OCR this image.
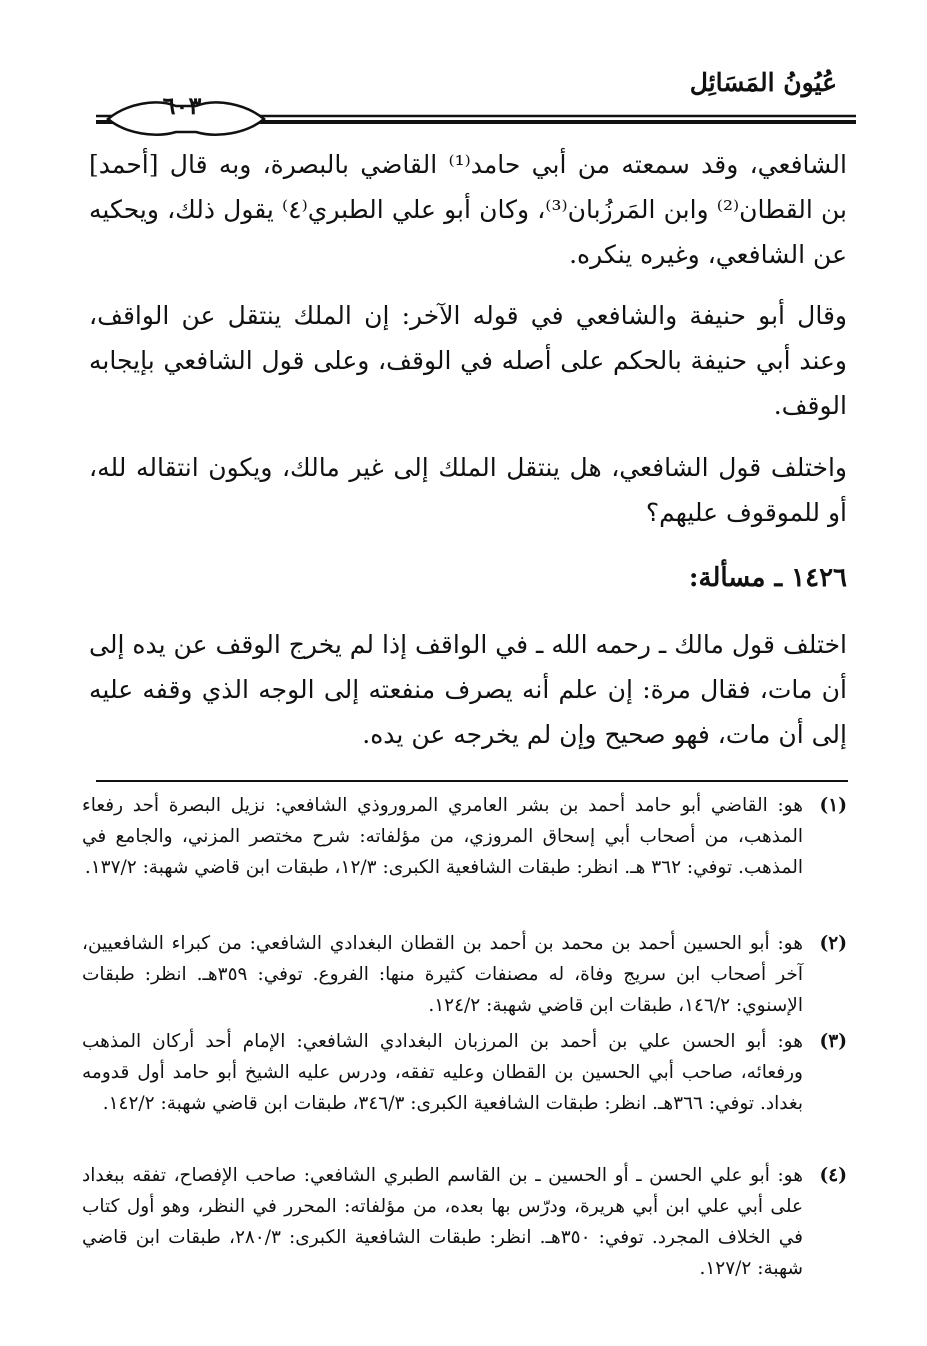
عُيُونُ المَسَائِل
٦٠٣

الشافعي، وقد سمعته من أبي حامد⁽¹⁾ القاضي بالبصرة، وبه قال [أحمد] بن القطان⁽²⁾ وابن المَرزُبان⁽³⁾، وكان أبو علي الطبري⁽٤⁾ يقول ذلك، ويحكيه عن الشافعي، وغيره ينكره.

وقال أبو حنيفة والشافعي في قوله الآخر: إن الملك ينتقل عن الواقف، وعند أبي حنيفة بالحكم على أصله في الوقف، وعلى قول الشافعي بإيجابه الوقف.

واختلف قول الشافعي، هل ينتقل الملك إلى غير مالك، ويكون انتقاله لله، أو للموقوف عليهم؟

١٤٢٦ ـ مسألة:

اختلف قول مالك ـ رحمه الله ـ في الواقف إذا لم يخرج الوقف عن يده إلى أن مات، فقال مرة: إن علم أنه يصرف منفعته إلى الوجه الذي وقفه عليه إلى أن مات، فهو صحيح وإن لم يخرجه عن يده.

(١)
هو: القاضي أبو حامد أحمد بن بشر العامري المروروذي الشافعي: نزيل البصرة أحد رفعاء المذهب، من أصحاب أبي إسحاق المروزي، من مؤلفاته: شرح مختصر المزني، والجامع في المذهب. توفي: ٣٦٢ هـ. انظر: طبقات الشافعية الكبرى: ١٢/٣، طبقات ابن قاضي شهبة: ١٣٧/٢.
(٢)
هو: أبو الحسين أحمد بن محمد بن أحمد بن القطان البغدادي الشافعي: من كبراء الشافعيين، آخر أصحاب ابن سريج وفاة، له مصنفات كثيرة منها: الفروع. توفي: ٣٥٩هـ. انظر: طبقات الإسنوي: ١٤٦/٢، طبقات ابن قاضي شهبة: ١٢٤/٢.
(٣)
هو: أبو الحسن علي بن أحمد بن المرزبان البغدادي الشافعي: الإمام أحد أركان المذهب ورفعائه، صاحب أبي الحسين بن القطان وعليه تفقه، ودرس عليه الشيخ أبو حامد أول قدومه بغداد. توفي: ٣٦٦هـ. انظر: طبقات الشافعية الكبرى: ٣٤٦/٣، طبقات ابن قاضي شهبة: ١٤٢/٢.
(٤)
هو: أبو علي الحسن ـ أو الحسين ـ بن القاسم الطبري الشافعي: صاحب الإفصاح، تفقه ببغداد على أبي علي ابن أبي هريرة، ودرّس بها بعده، من مؤلفاته: المحرر في النظر، وهو أول كتاب في الخلاف المجرد. توفي: ٣٥٠هـ. انظر: طبقات الشافعية الكبرى: ٢٨٠/٣، طبقات ابن قاضي شهبة: ١٢٧/٢.
